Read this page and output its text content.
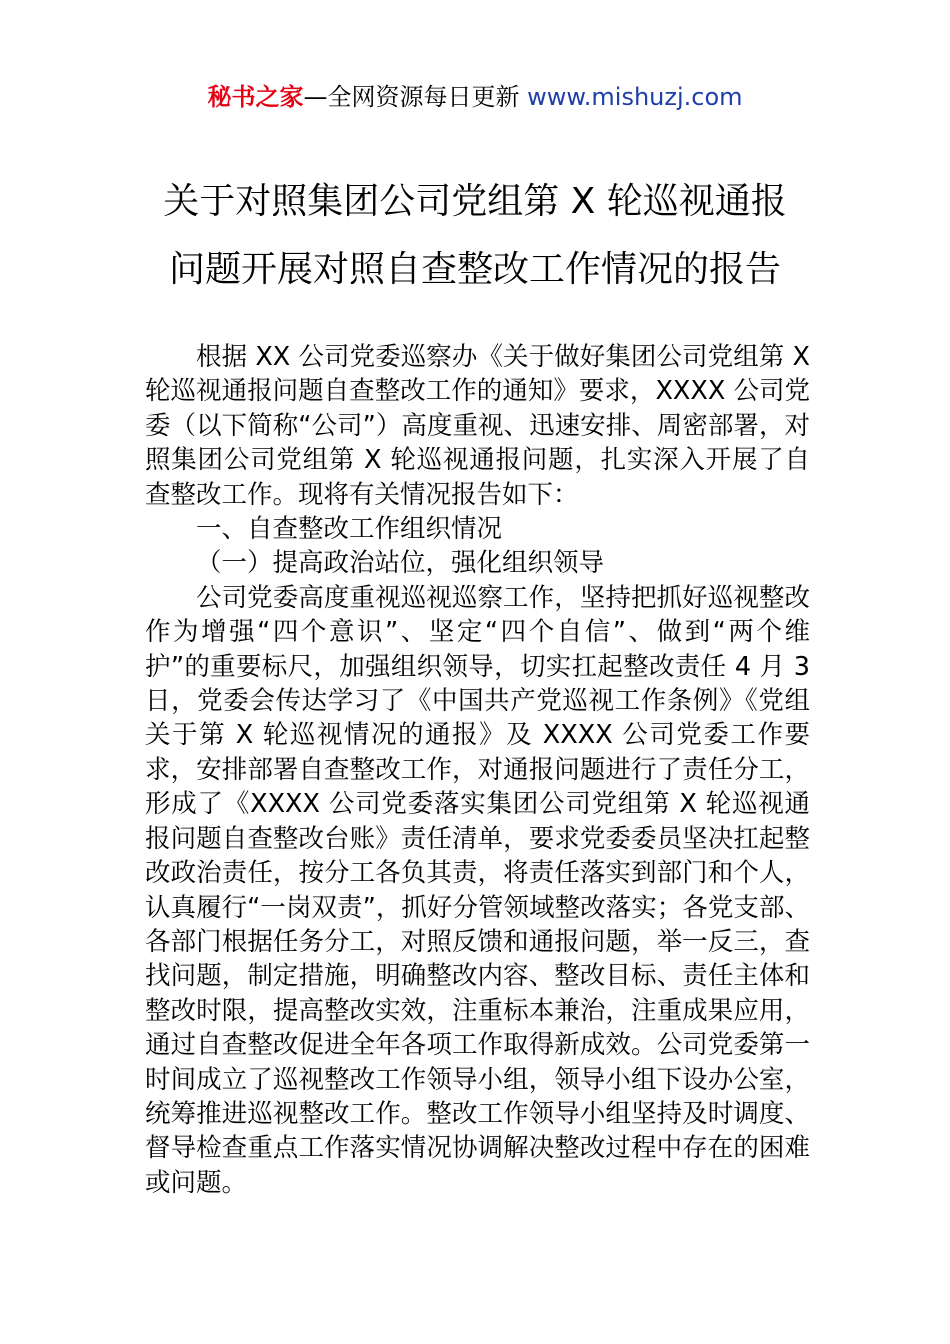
秘书之家—全网资源每日更新 www.mishuzj.com
关于对照集团公司党组第 X 轮巡视通报
问题开展对照自查整改工作情况的报告

根据 XX 公司党委巡察办《关于做好集团公司党组第 X 轮巡视通报问题自查整改工作的通知》要求，XXXX 公司党委（以下简称“公司”）高度重视、迅速安排、周密部署，对照集团公司党组第 X 轮巡视通报问题，扎实深入开展了自查整改工作。现将有关情况报告如下：

一、自查整改工作组织情况

（一）提高政治站位，强化组织领导

公司党委高度重视巡视巡察工作，坚持把抓好巡视整改作为增强“四个意识”、坚定“四个自信”、做到“两个维护”的重要标尺，加强组织领导，切实扛起整改责任 4 月 3 日，党委会传达学习了《中国共产党巡视工作条例》《党组关于第 X 轮巡视情况的通报》及 XXXX 公司党委工作要求，安排部署自查整改工作，对通报问题进行了责任分工，形成了《XXXX 公司党委落实集团公司党组第 X 轮巡视通报问题自查整改台账》责任清单，要求党委委员坚决扛起整改政治责任，按分工各负其责，将责任落实到部门和个人，认真履行“一岗双责”，抓好分管领域整改落实；各党支部、各部门根据任务分工，对照反馈和通报问题，举一反三，查找问题，制定措施，明确整改内容、整改目标、责任主体和整改时限，提高整改实效，注重标本兼治，注重成果应用，通过自查整改促进全年各项工作取得新成效。公司党委第一时间成立了巡视整改工作领导小组，领导小组下设办公室，统筹推进巡视整改工作。整改工作领导小组坚持及时调度、督导检查重点工作落实情况协调解决整改过程中存在的困难或问题。
